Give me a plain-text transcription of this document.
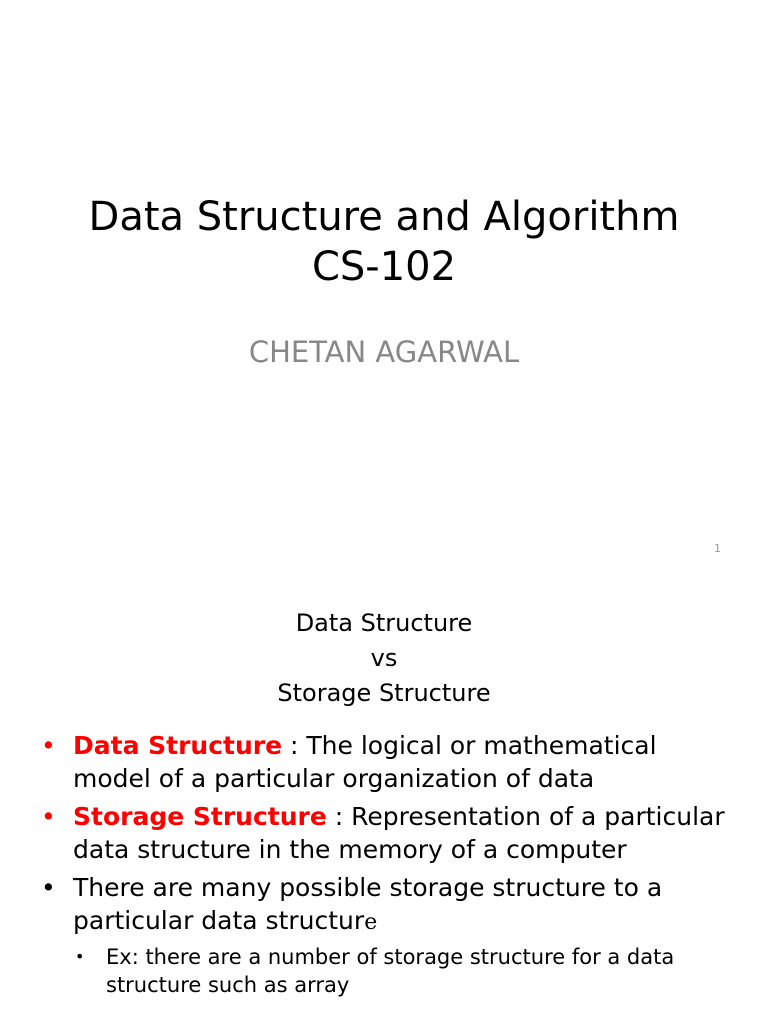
Data Structure and Algorithm
CS-102
CHETAN AGARWAL
1
Data Structure
vs
Storage Structure
• Data Structure : The logical or mathematical model of a particular organization of data
• Storage Structure : Representation of a particular data structure in the memory of a computer
• There are many possible storage structure to a particular data structure
• Ex: there are a number of storage structure for a data structure such as array
